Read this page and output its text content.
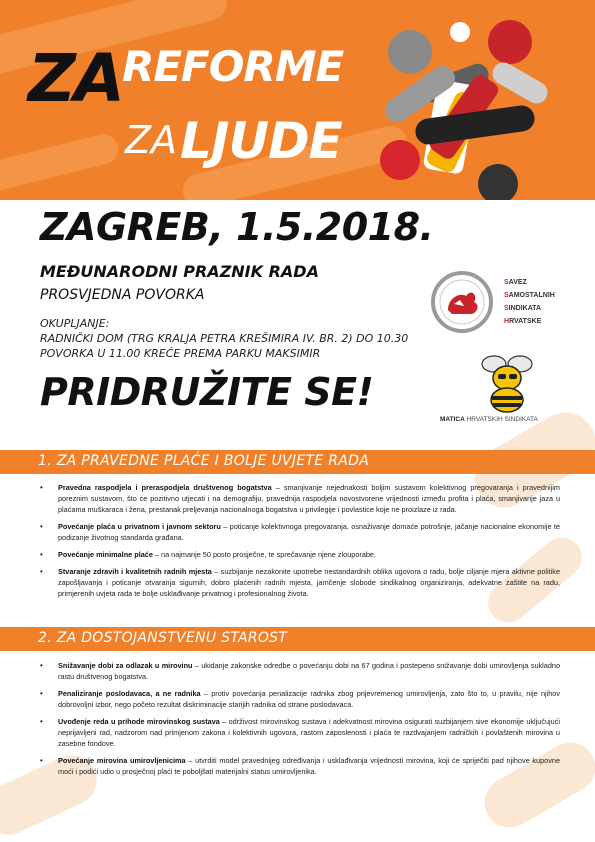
ZA REFORME
ZA LJUDE
ZAGREB, 1.5.2018.
MEĐUNARODNI PRAZNIK RADA
PROSVJEDNA POVORKA
OKUPLJANJE:
RADNIČKI DOM (TRG KRALJA PETRA KREŠIMIRA IV. BR. 2) DO 10.30
POVORKA U 11.00 KREĆE PREMA PARKU MAKSIMIR
PRIDRUŽITE SE!
SAVEZ
SAMOSTALNIH
SINDIKATA
HRVATSKE
MATICA HRVATSKIH SINDIKATA
1. ZA PRAVEDNE PLAĆE I BOLJE UVJETE RADA
• Pravedna raspodjela i preraspodjela društvenog bogatstva – smanjivanje nejednakosti boljim sustavom kolektivnog pregovaranja i pravednijim poreznim sustavom, što će pozitivno utjecati i na demografiju, pravednija raspodjela novostvorene vrijednosti između profita i plaća, smanjivanje jaza u plaćama muškaraca i žena, prestanak preljevanja nacionalnoga bogatstva u privilegije i povlastice koje ne proizlaze iz rada.
• Povećanje plaća u privatnom i javnom sektoru – poticanje kolektivnoga pregovaranja, osnaživanje domaće potrošnje, jačanje nacionalne ekonomije te podizanje životnog standarda građana.
• Povećanje minimalne plaće – na najmanje 50 posto prosječne, te sprečavanje njene zlouporabe.
• Stvaranje zdravih i kvalitetnih radnih mjesta – suzbijanje nezakonite upotrebe nestandardnih oblika ugovora o radu, bolje ciljanje mjera aktivne politike zapošljavanja i poticanje otvaranja sigurnih, dobro plaćenih radnih mjesta, jamčenje slobode sindikalnog organiziranja, adekvatne zaštite na radu, primjerenih uvjeta rada te bolje usklađivanje privatnog i profesionalnog života.
2. ZA DOSTOJANSTVENU STAROST
• Snižavanje dobi za odlazak u mirovinu – ukidanje zakonske odredbe o povećanju dobi na 67 godina i postepeno snižavanje dobi umirovljenja sukladno rastu društvenog bogatstva.
• Penaliziranje poslodavaca, a ne radnika – protiv povećanja penalizacije radnika zbog prijevremenog umirovljenja, zato što to, u pravilu, nije njihov dobrovoljni izbor, nego početo rezultat diskriminacije starijih radnika od strane poslodavaca.
• Uvođenje reda u prihode mirovinskog sustava – održivost mirovinskog sustava i adekvatnost mirovina osigurati suzbijanjem sive ekonomije uključujući neprijavljeni rad, nadzorom nad primjenom zakona i kolektivnih ugovora, rastom zaposlenosti i plaća te razdvajanjem radničkih i povlaštenih mirovina u zasebne fondove.
• Povećanje mirovina umirovljenicima – utvrditi model pravednijeg određivanja i usklađivanja vrijednosti mirovina, koji će spriječiti pad njihove kupovne moći i podići udio u prosječnoj plaći te poboljšati materijalni status umirovljenika.
